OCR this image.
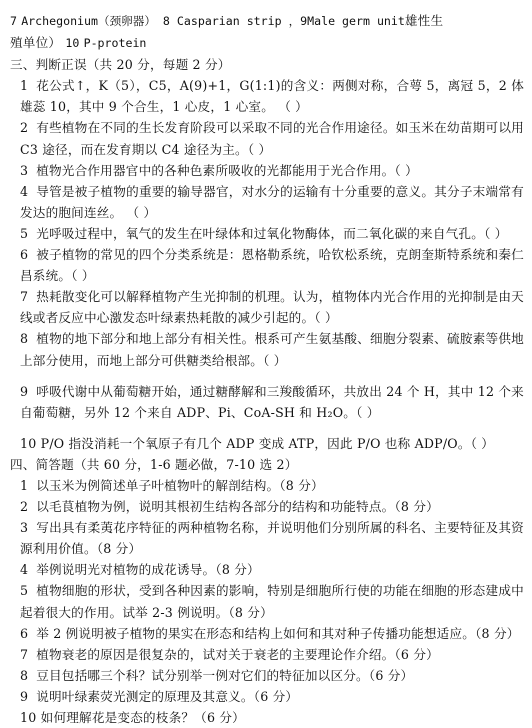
7 Archegonium（颈卵器） 8 Casparian strip ，9Male germ unit雄性生
殖单位） 10 P-protein
三、判断正误（共 20 分，每题 2 分）
1 花公式↑，K（5），C5，A(9)+1，G(1:1)的含义：两侧对称，合萼 5，离冠 5，2 体雄蕊 10，其中 9 个合生，1 心皮，1 心室。 （ ）
2 有些植物在不同的生长发育阶段可以采取不同的光合作用途径。如玉米在幼苗期可以用 C3 途径，而在发育期以 C4 途径为主。（ ）
3 植物光合作用器官中的各种色素所吸收的光都能用于光合作用。（ ）
4 导管是被子植物的重要的输导器官，对水分的运输有十分重要的意义。其分子末端常有发达的胞间连丝。 （ ）
5 光呼吸过程中，氧气的发生在叶绿体和过氧化物酶体，而二氧化碳的来自气孔。（ ）
6 被子植物的常见的四个分类系统是：恩格勒系统，哈钦松系统，克朗奎斯特系统和秦仁昌系统。（ ）
7 热耗散变化可以解释植物产生光抑制的机理。认为，植物体内光合作用的光抑制是由天线或者反应中心激发态叶绿素热耗散的减少引起的。（ ）
8 植物的地下部分和地上部分有相关性。根系可产生氨基酸、细胞分裂素、硫胺素等供地上部分使用，而地上部分可供糖类给根部。（ ）
9 呼吸代谢中从葡萄糖开始，通过糖酵解和三羧酸循环，共放出 24 个 H，其中 12 个来自葡萄糖，另外 12 个来自 ADP、Pi、CoA-SH 和 H₂O。（ ）
10 P/O 指没消耗一个氧原子有几个 ADP 变成 ATP，因此 P/O 也称 ADP/O。（ ）
四、简答题（共 60 分，1-6 题必做，7-10 选 2）
1 以玉米为例简述单子叶植物叶的解剖结构。（8 分）
2 以毛茛植物为例，说明其根初生结构各部分的结构和功能特点。（8 分）
3 写出具有柔荑花序特征的两种植物名称，并说明他们分别所属的科名、主要特征及其资源利用价值。（8 分）
4 举例说明光对植物的成花诱导。（8 分）
5 植物细胞的形状，受到各种因素的影响，特别是细胞所行使的功能在细胞的形态建成中起着很大的作用。试举 2-3 例说明。（8 分）
6 举 2 例说明被子植物的果实在形态和结构上如何和其对种子传播功能想适应。（8 分）
7 植物衰老的原因是很复杂的，试对关于衰老的主要理论作介绍。（6 分）
8 豆目包括哪三个科？试分别举一例对它们的特征加以区分。（6 分）
9 说明叶绿素荧光测定的原理及其意义。（6 分）
10 如何理解花是变态的枝条？（6 分）
